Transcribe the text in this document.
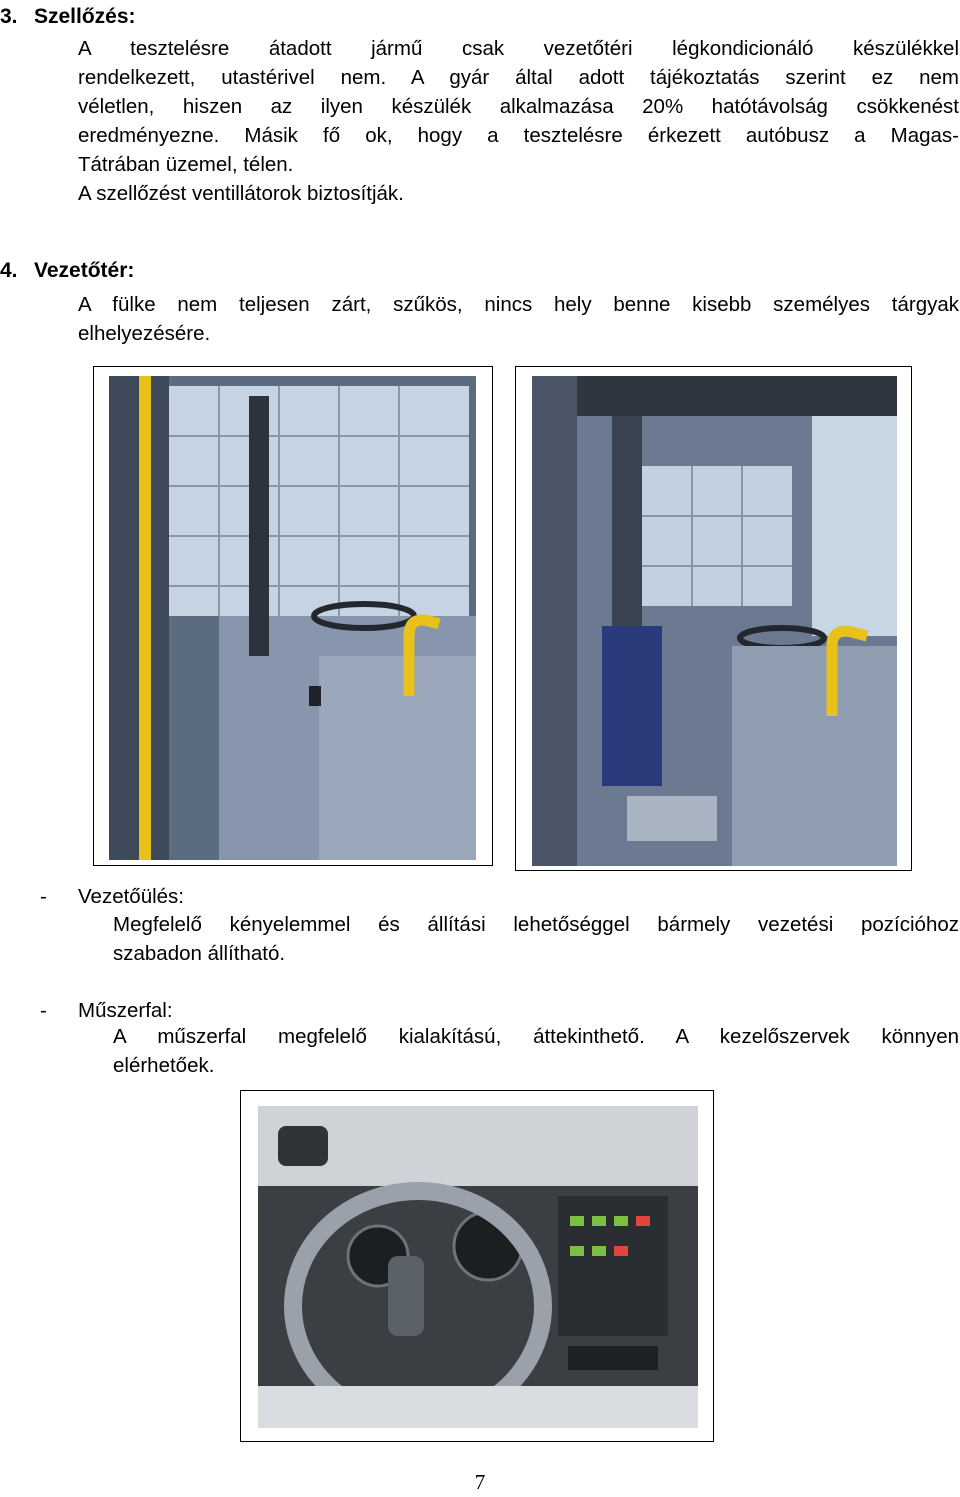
3. Szellőzés:
A tesztelésre átadott jármű csak vezetőtéri légkondicionáló készülékkel
rendelkezett, utastérivel nem. A gyár által adott tájékoztatás szerint ez nem
véletlen, hiszen az ilyen készülék alkalmazása 20% hatótávolság csökkenést
eredményezne. Másik fő ok, hogy a tesztelésre érkezett autóbusz a Magas-
Tátrában üzemel, télen.
A szellőzést ventillátorok biztosítják.
4. Vezetőtér:
A fülke nem teljesen zárt, szűkös, nincs hely benne kisebb személyes tárgyak
elhelyezésére.
- Vezetőülés:
Megfelelő kényelemmel és állítási lehetőséggel bármely vezetési pozícióhoz
szabadon állítható.
- Műszerfal:
A műszerfal megfelelő kialakítású, áttekinthető. A kezelőszervek könnyen
elérhetőek.
7
